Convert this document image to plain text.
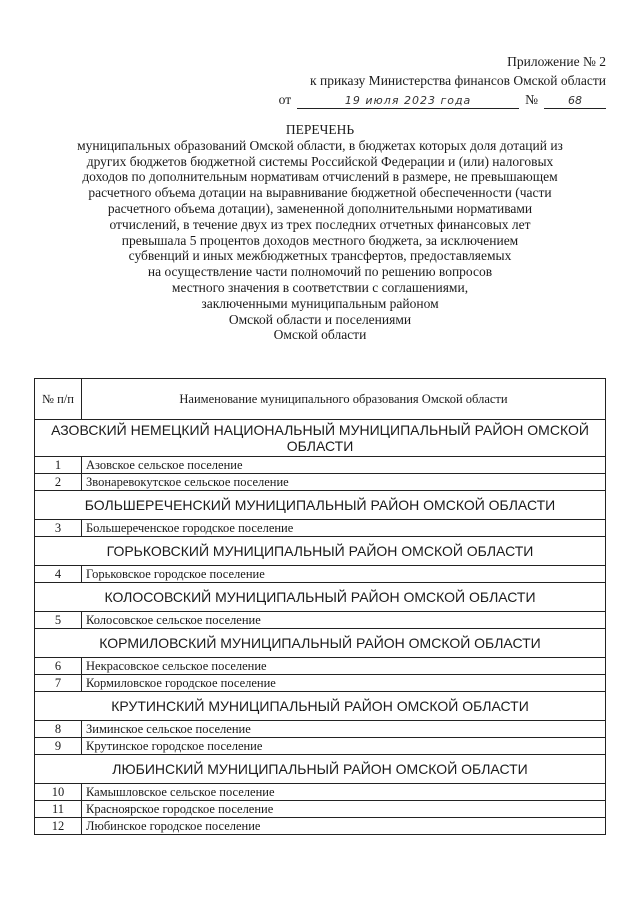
Приложение № 2
к приказу Министерства финансов Омской области
от	19 июля 2023 года	№	68
ПЕРЕЧЕНЬ
муниципальных образований Омской области, в бюджетах которых доля дотаций из
других бюджетов бюджетной системы Российской Федерации и (или) налоговых
доходов по дополнительным нормативам отчислений в размере, не превышающем
расчетного объема дотации на выравнивание бюджетной обеспеченности (части
расчетного объема дотации), замененной дополнительными нормативами
отчислений, в течение двух из трех последних отчетных финансовых лет
превышала 5 процентов доходов местного бюджета, за исключением
субвенций и иных межбюджетных трансфертов, предоставляемых
на осуществление части полномочий по решению вопросов
местного значения в соответствии с соглашениями,
заключенными муниципальным районом
Омской области и поселениями
Омской области
№ п/п	Наименование муниципального образования Омской области
АЗОВСКИЙ НЕМЕЦКИЙ НАЦИОНАЛЬНЫЙ МУНИЦИПАЛЬНЫЙ РАЙОН ОМСКОЙ ОБЛАСТИ	
1	Азовское сельское поселение
2	Звонаревокутское сельское поселение
БОЛЬШЕРЕЧЕНСКИЙ МУНИЦИПАЛЬНЫЙ РАЙОН ОМСКОЙ ОБЛАСТИ	
3	Большереченское городское поселение
ГОРЬКОВСКИЙ МУНИЦИПАЛЬНЫЙ РАЙОН ОМСКОЙ ОБЛАСТИ	
4	Горьковское городское поселение
КОЛОСОВСКИЙ МУНИЦИПАЛЬНЫЙ РАЙОН ОМСКОЙ ОБЛАСТИ	
5	Колосовское сельское поселение
КОРМИЛОВСКИЙ МУНИЦИПАЛЬНЫЙ РАЙОН ОМСКОЙ ОБЛАСТИ	
6	Некрасовское сельское поселение
7	Кормиловское городское поселение
КРУТИНСКИЙ МУНИЦИПАЛЬНЫЙ РАЙОН ОМСКОЙ ОБЛАСТИ	
8	Зиминское сельское поселение
9	Крутинское городское поселение
ЛЮБИНСКИЙ МУНИЦИПАЛЬНЫЙ РАЙОН ОМСКОЙ ОБЛАСТИ	
10	Камышловское сельское поселение
11	Красноярское городское поселение
12	Любинское городское поселение
